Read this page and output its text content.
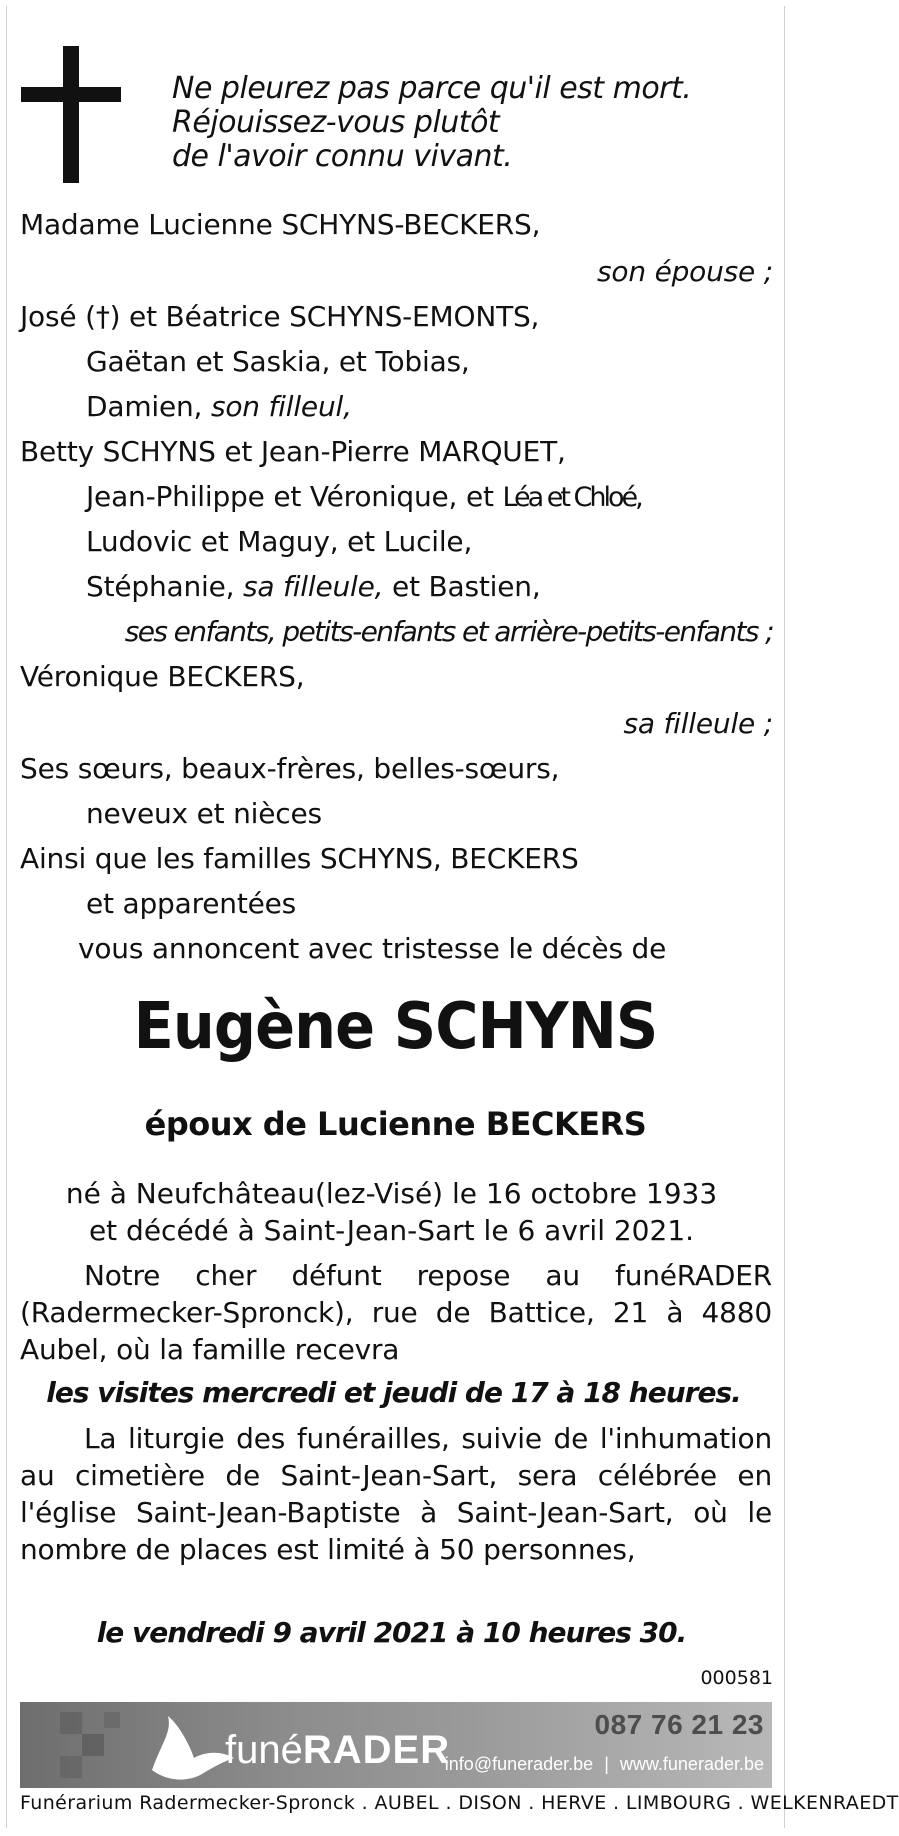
Ne pleurez pas parce qu'il est mort.
Réjouissez-vous plutôt
de l'avoir connu vivant.
Madame Lucienne SCHYNS-BECKERS,
son épouse ;
José (†) et Béatrice SCHYNS-EMONTS,
Gaëtan et Saskia, et Tobias,
Damien, son filleul,
Betty SCHYNS et Jean-Pierre MARQUET,
Jean-Philippe et Véronique, et Léa et Chloé,
Ludovic et Maguy, et Lucile,
Stéphanie, sa filleule, et Bastien,
ses enfants, petits-enfants et arrière-petits-enfants ;
Véronique BECKERS,
sa filleule ;
Ses sœurs, beaux-frères, belles-sœurs,
neveux et nièces
Ainsi que les familles SCHYNS, BECKERS
et apparentées
vous annoncent avec tristesse le décès de
Eugène SCHYNS
époux de Lucienne BECKERS
né à Neufchâteau(lez-Visé) le 16 octobre 1933
et décédé à Saint-Jean-Sart le 6 avril 2021.
Notre cher défunt repose au funéRADER (Radermecker-Spronck), rue de Battice, 21 à 4880 Aubel, où la famille recevra
les visites mercredi et jeudi de 17 à 18 heures.
La liturgie des funérailles, suivie de l'inhumation au cimetière de Saint-Jean-Sart, sera célébrée en l'église Saint-Jean-Baptiste à Saint-Jean-Sart, où le nombre de places est limité à 50 personnes,
le vendredi 9 avril 2021 à 10 heures 30.
000581
funéRADER
087 76 21 23
info@funerader.be | www.funerader.be
Funérarium Radermecker-Spronck . AUBEL . DISON . HERVE . LIMBOURG . WELKENRAEDT
